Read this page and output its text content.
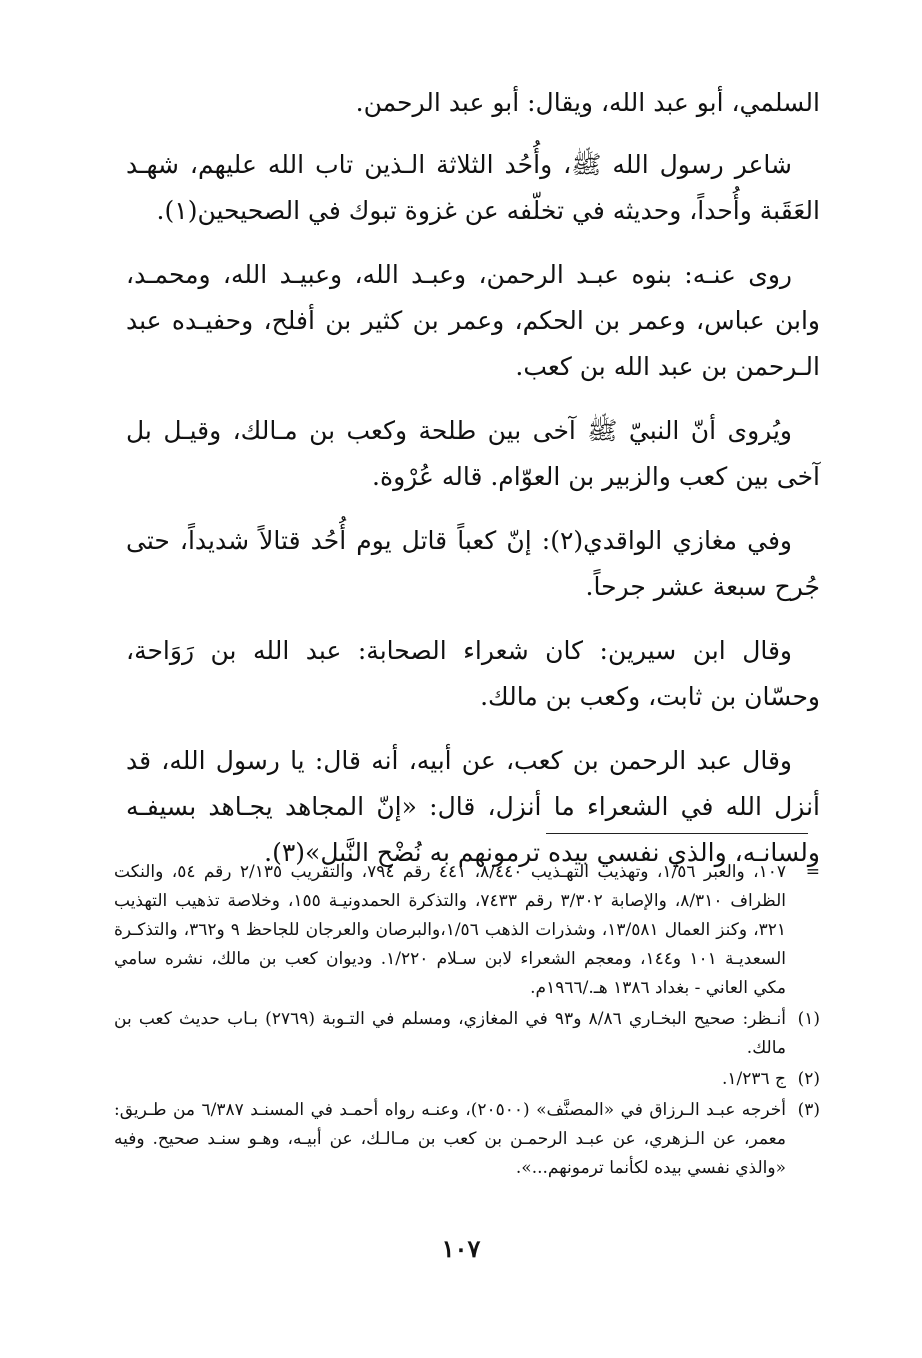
السلمي، أبو عبد الله، ويقال: أبو عبد الرحمن.

شاعر رسول الله ﷺ، وأُحُد الثلاثة الـذين تاب الله عليهم، شهـد العَقَبة وأُحداً، وحديثه في تخلّفه عن غزوة تبوك في الصحيحين(١).

روى عنـه: بنوه عبـد الرحمن، وعبـد الله، وعبيـد الله، ومحمـد، وابن عباس، وعمر بن الحكم، وعمر بن كثير بن أفلح، وحفيـده عبد الـرحمن بن عبد الله بن كعب.

ويُروى أنّ النبيّ ﷺ آخى بين طلحة وكعب بن مـالك، وقيـل بل آخى بين كعب والزبير بن العوّام. قاله عُرْوة.

وفي مغازي الواقدي(٢): إنّ كعباً قاتل يوم أُحُد قتالاً شديداً، حتى جُرح سبعة عشر جرحاً.

وقال ابن سيرين: كان شعراء الصحابة: عبد الله بن رَوَاحة، وحسّان بن ثابت، وكعب بن مالك.

وقال عبد الرحمن بن كعب، عن أبيه، أنه قال: يا رسول الله، قد أنزل الله في الشعراء ما أنزل، قال: «إنّ المجاهد يجـاهد بسيفـه ولسانـه، والذي نفسي بيده ترمونهم به نُضْح النَّبل»(٣).

=
١٠٧، والعبر ١/٥٦، وتهذيب التهـذيب ٨/٤٤٠، ٤٤١ رقم ٧٩٤، والتقريب ٢/١٣٥ رقم ٥٤، والنكت الظراف ٨/٣١٠، والإصابة ٣/٣٠٢ رقم ٧٤٣٣، والتذكرة الحمدونيـة ١٥٥، وخلاصة تذهيب التهذيب ٣٢١، وكنز العمال ١٣/٥٨١، وشذرات الذهب ١/٥٦،والبرصان والعرجان للجاحظ ٩ و٣٦٢، والتذكـرة السعديـة ١٠١ و١٤٤، ومعجم الشعراء لابن سـلام ١/٢٢٠. وديوان كعب بن مالك، نشره سامي مكي العاني - بغداد ١٣٨٦ هـ./١٩٦٦م.
(١)
أنـظر: صحيح البخـاري ٨/٨٦ و٩٣ في المغازي، ومسلم في التـوبة (٢٧٦٩) بـاب حديث كعب بن مالك.
(٢)
ج ١/٢٣٦.
(٣)
أخرجه عبـد الـرزاق في «المصنَّف» (٢٠٥٠٠)، وعنـه رواه أحمـد في المسنـد ٦/٣٨٧ من طـريق: معمر، عن الـزهري، عن عبـد الرحمـن بن كعب بن مـالـك، عن أبيـه، وهـو سنـد صحيح. وفيه «والذي نفسي بيده لكأنما ترمونهم...».
١٠٧
